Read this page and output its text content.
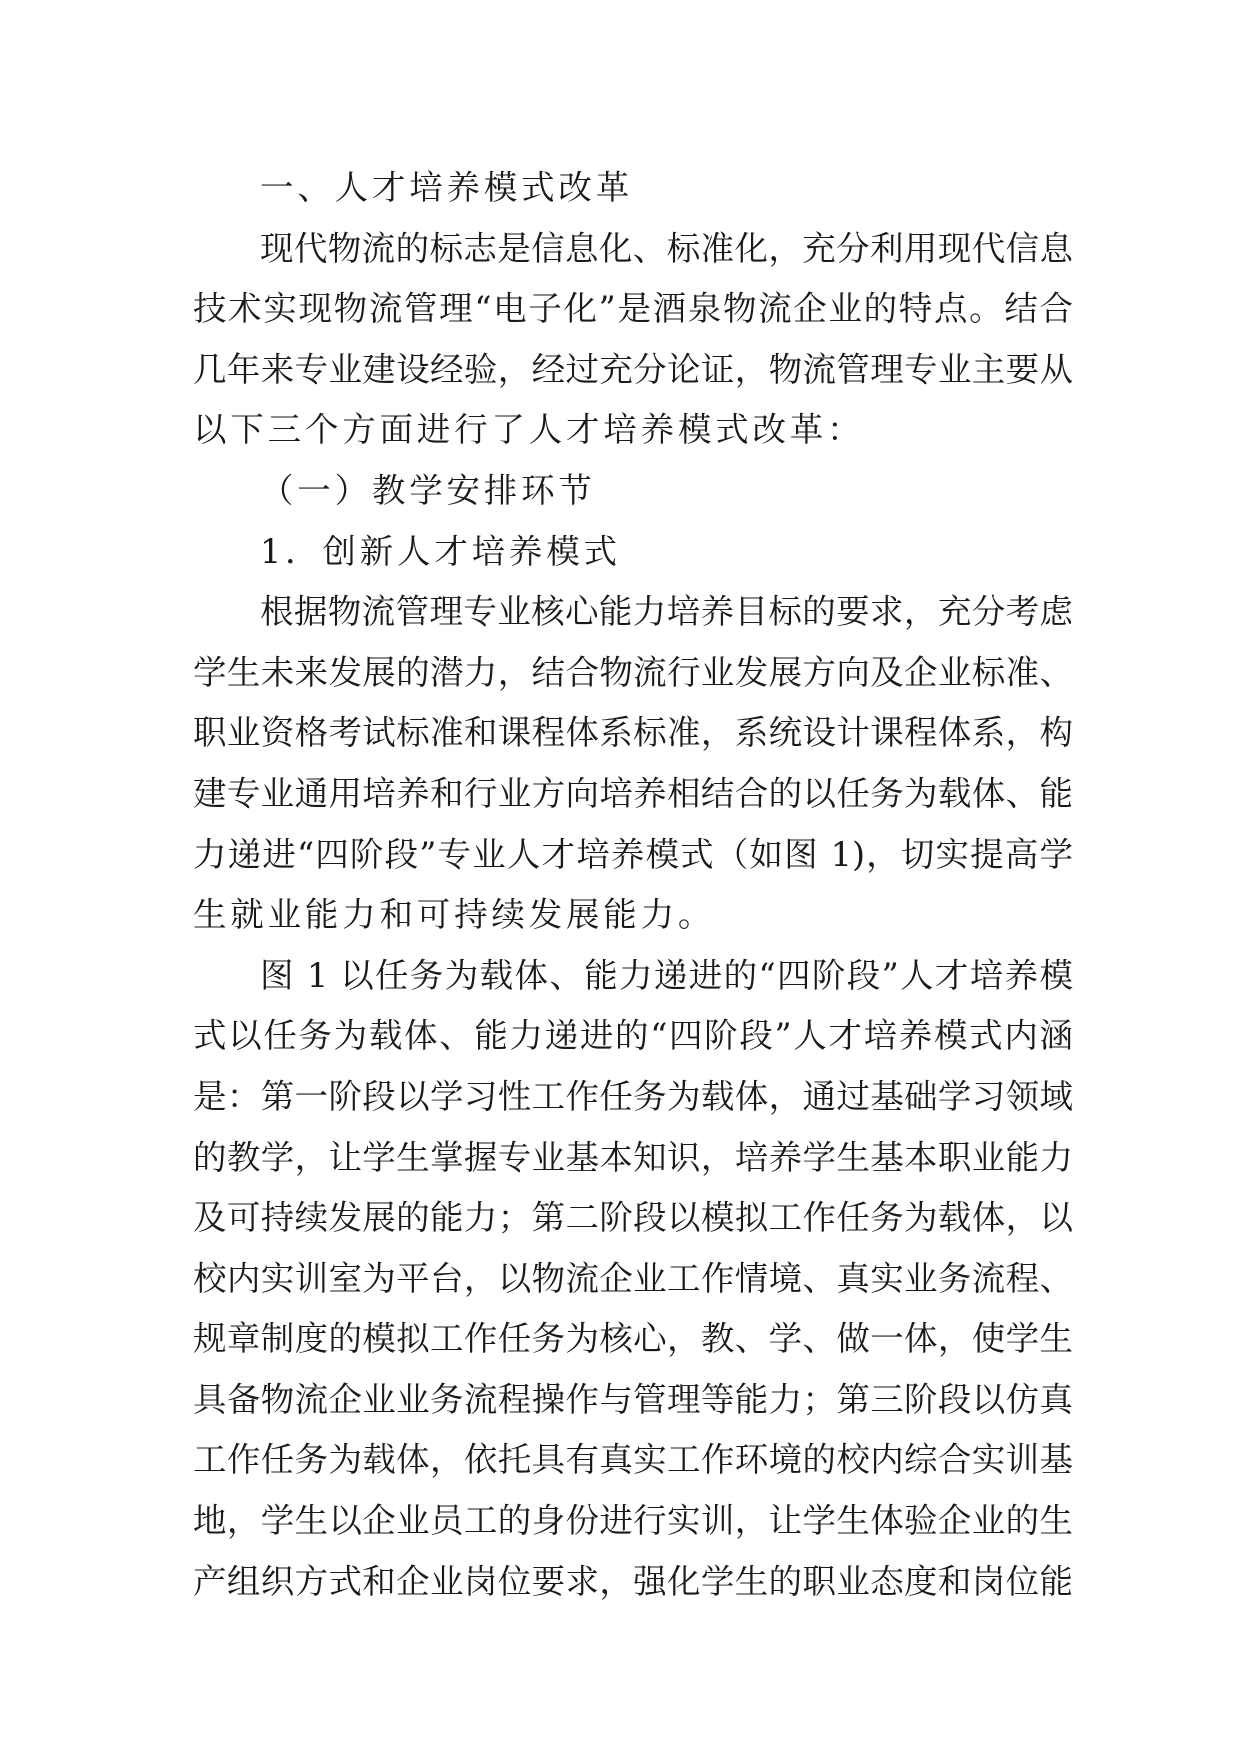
一、人才培养模式改革
现代物流的标志是信息化、标准化，充分利用现代信息
技术实现物流管理“电子化”是酒泉物流企业的特点。结合
几年来专业建设经验，经过充分论证，物流管理专业主要从
以下三个方面进行了人才培养模式改革：
（一）教学安排环节
1．创新人才培养模式
根据物流管理专业核心能力培养目标的要求，充分考虑
学生未来发展的潜力，结合物流行业发展方向及企业标准、
职业资格考试标准和课程体系标准，系统设计课程体系，构
建专业通用培养和行业方向培养相结合的以任务为载体、能
力递进“四阶段”专业人才培养模式（如图 1)，切实提高学
生就业能力和可持续发展能力。
图 1 以任务为载体、能力递进的“四阶段”人才培养模
式以任务为载体、能力递进的“四阶段”人才培养模式内涵
是：第一阶段以学习性工作任务为载体，通过基础学习领域
的教学，让学生掌握专业基本知识，培养学生基本职业能力
及可持续发展的能力；第二阶段以模拟工作任务为载体，以
校内实训室为平台，以物流企业工作情境、真实业务流程、
规章制度的模拟工作任务为核心，教、学、做一体，使学生
具备物流企业业务流程操作与管理等能力；第三阶段以仿真
工作任务为载体，依托具有真实工作环境的校内综合实训基
地，学生以企业员工的身份进行实训，让学生体验企业的生
产组织方式和企业岗位要求，强化学生的职业态度和岗位能
